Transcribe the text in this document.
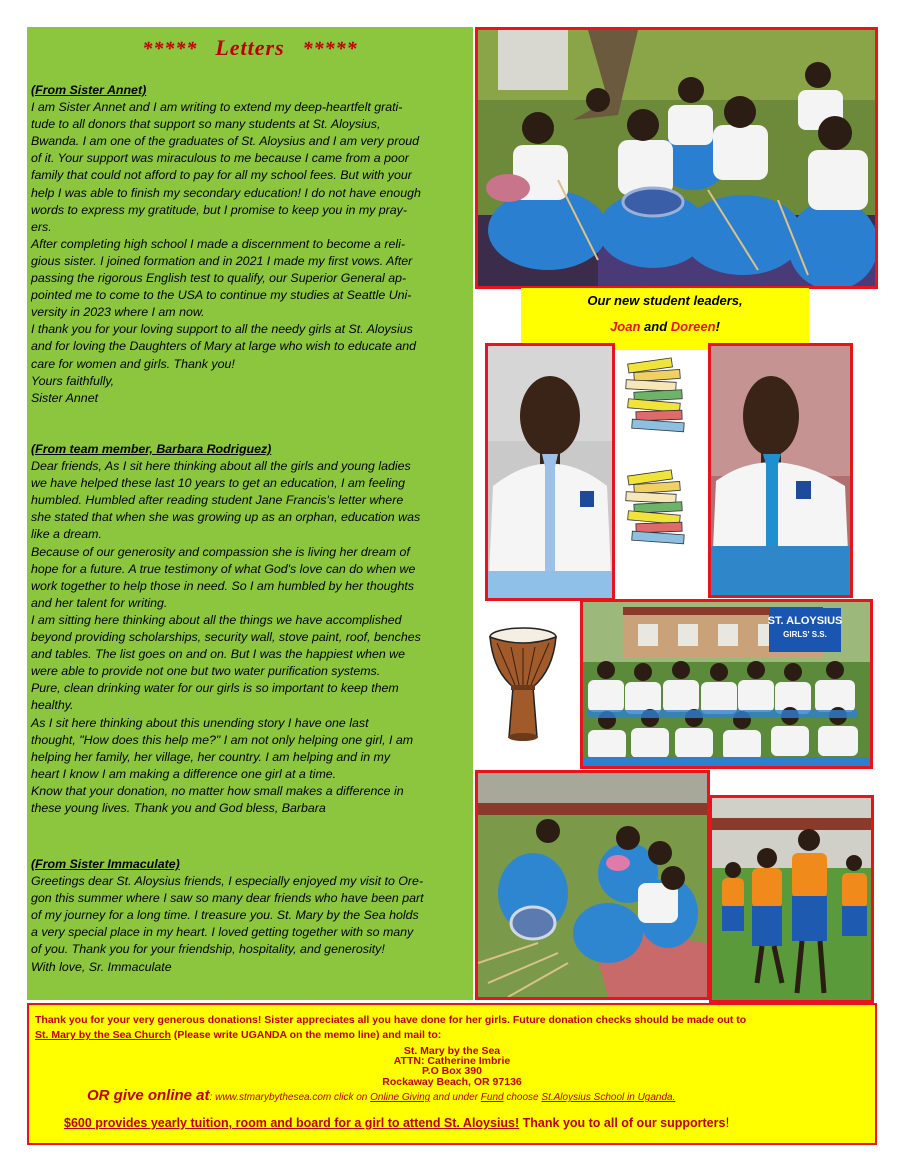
***** Letters *****

(From Sister Annet)

I am Sister Annet and I am writing to extend my deep-heartfelt grati-

tude to all donors that support so many students at St. Aloysius,

Bwanda. I am one of the graduates of St. Aloysius and I am very proud

of it. Your support was miraculous to me because I came from a poor

family that could not afford to pay for all my school fees. But with your

help I was able to finish my secondary education! I do not have enough

words to express my gratitude, but I promise to keep you in my pray-

ers.

After completing high school I made a discernment to become a reli-

gious sister. I joined formation and in 2021 I made my first vows. After

passing the rigorous English test to qualify, our Superior General ap-

pointed me to come to the USA to continue my studies at Seattle Uni-

versity in 2023 where I am now.

I thank you for your loving support to all the needy girls at St. Aloysius

and for loving the Daughters of Mary at large who wish to educate and

care for women and girls. Thank you!

Yours faithfully,

Sister Annet

(From team member, Barbara Rodriguez)

Dear friends, As I sit here thinking about all the girls and young ladies

we have helped these last 10 years to get an education, I am feeling

humbled. Humbled after reading student Jane Francis's letter where

she stated that when she was growing up as an orphan, education was

like a dream.

Because of our generosity and compassion she is living her dream of

hope for a future. A true testimony of what God's love can do when we

work together to help those in need. So I am humbled by her thoughts

and her talent for writing.

I am sitting here thinking about all the things we have accomplished

beyond providing scholarships, security wall, stove paint, roof, benches

and tables. The list goes on and on. But I was the happiest when we

were able to provide not one but two water purification systems.

Pure, clean drinking water for our girls is so important to keep them

healthy.

As I sit here thinking about this unending story I have one last

thought, "How does this help me?" I am not only helping one girl, I am

helping her family, her village, her country. I am helping and in my

heart I know I am making a difference one girl at a time.

Know that your donation, no matter how small makes a difference in

these young lives. Thank you and God bless, Barbara

(From Sister Immaculate)

Greetings dear St. Aloysius friends, I especially enjoyed my visit to Ore-

gon this summer where I saw so many dear friends who have been part

of my journey for a long time. I treasure you. St. Mary by the Sea holds

a very special place in my heart. I loved getting together with so many

of you. Thank you for your friendship, hospitality, and generosity!

With love, Sr. Immaculate

Our new student leaders,
Joan and Doreen!
ST. ALOYSIUS
GIRLS' S.S.
Thank you for your very generous donations! Sister appreciates all you have done for her girls. Future donation checks should be made out to
St. Mary by the Sea Church (Please write UGANDA on the memo line) and mail to:
St. Mary by the Sea
ATTN: Catherine Imbrie
P.O Box 390
Rockaway Beach, OR 97136
OR give online at: www.stmarybythesea.com click on Online Giving and under Fund choose St.Aloysius School in Uganda.
$600 provides yearly tuition, room and board for a girl to attend St. Aloysius! Thank you to all of our supporters!
